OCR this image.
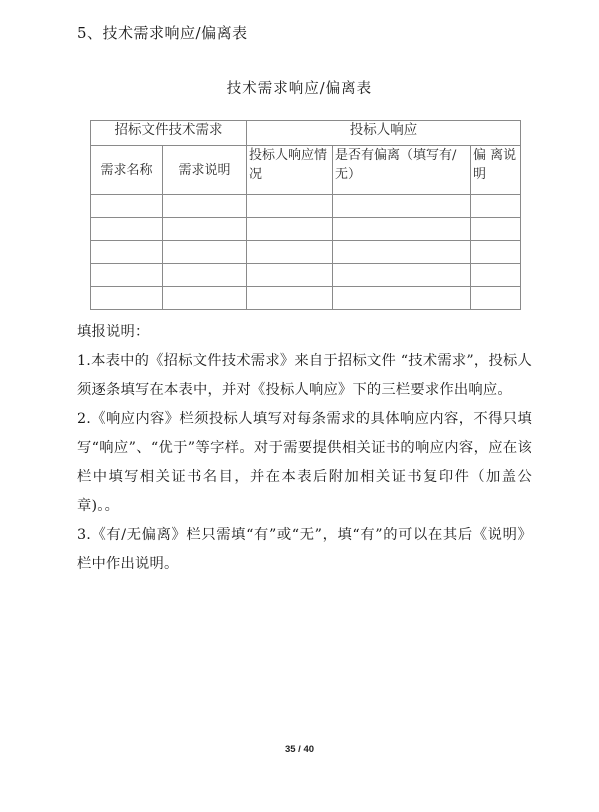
5、技术需求响应/偏离表
技术需求响应/偏离表
招标文件技术需求		投标人响应		
需求名称	需求说明	投标人响应情况	是否有偏离（填写有/无）	偏 离说明

填报说明：

1.本表中的《招标文件技术需求》来自于招标文件 “技术需求”，投标人须逐条填写在本表中，并对《投标人响应》下的三栏要求作出响应。

2.《响应内容》栏须投标人填写对每条需求的具体响应内容，不得只填写“响应”、“优于”等字样。对于需要提供相关证书的响应内容，应在该栏中填写相关证书名目，并在本表后附加相关证书复印件（加盖公章)。。

3.《有/无偏离》栏只需填“有”或“无”，填“有”的可以在其后《说明》栏中作出说明。

35 / 40
